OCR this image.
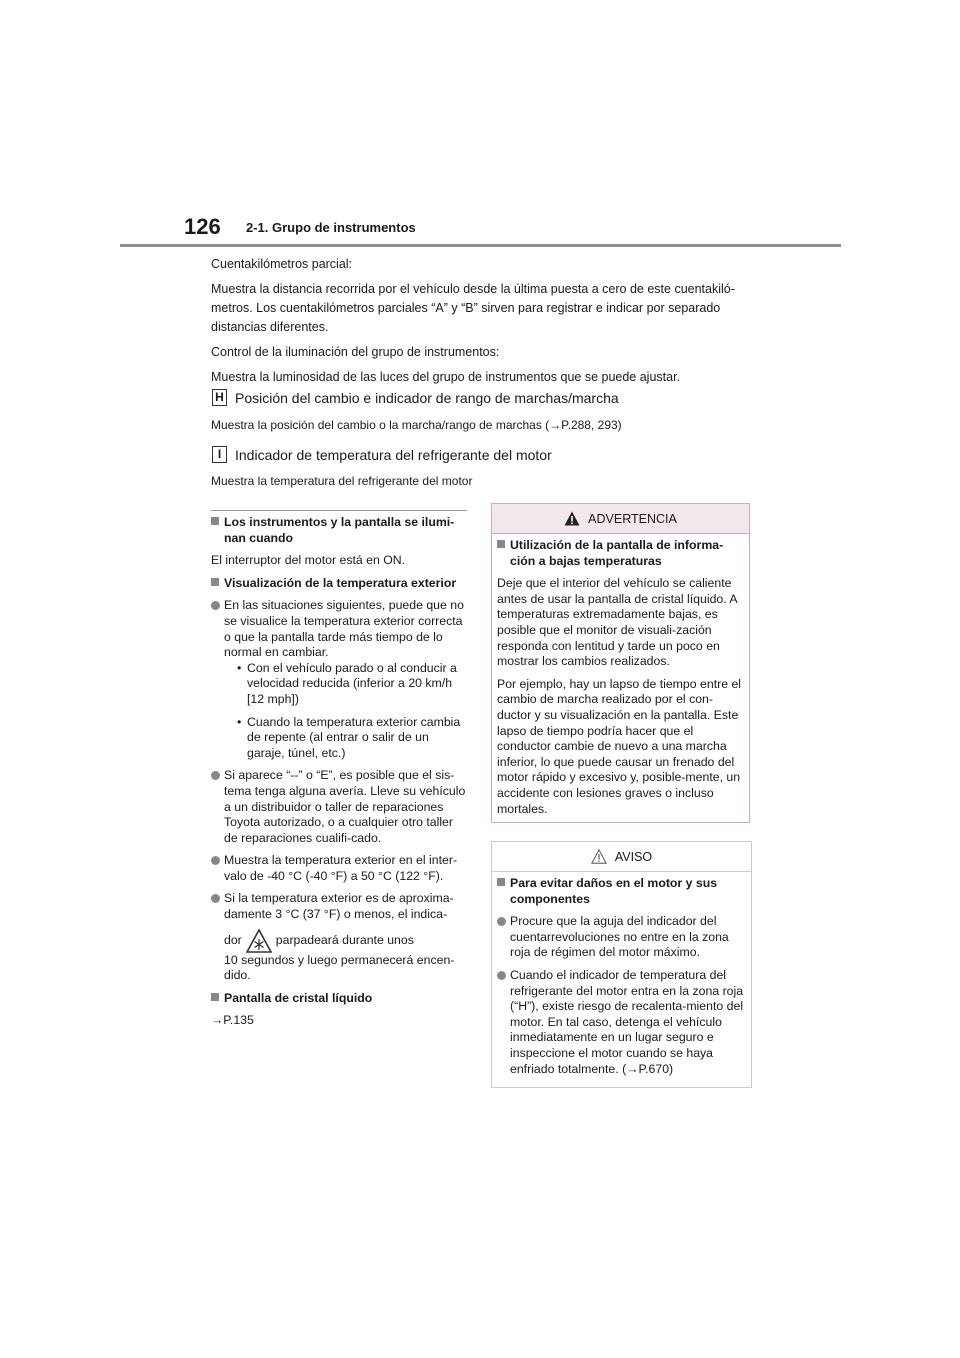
126 2-1. Grupo de instrumentos

Cuentakilómetros parcial:

Muestra la distancia recorrida por el vehículo desde la última puesta a cero de este cuentakiló-metros. Los cuentakilómetros parciales “A” y “B” sirven para registrar e indicar por separado distancias diferentes.

Control de la iluminación del grupo de instrumentos:

Muestra la luminosidad de las luces del grupo de instrumentos que se puede ajustar.

H Posición del cambio e indicador de rango de marchas/marcha
Muestra la posición del cambio o la marcha/rango de marchas (→P.288, 293)
I Indicador de temperatura del refrigerante del motor
Muestra la temperatura del refrigerante del motor

Los instrumentos y la pantalla se ilumi-nan cuando

El interruptor del motor está en ON.

Visualización de la temperatura exterior

En las situaciones siguientes, puede que no se visualice la temperatura exterior correcta o que la pantalla tarde más tiempo de lo normal en cambiar.

• Con el vehículo parado o al conducir a velocidad reducida (inferior a 20 km/h [12 mph])

• Cuando la temperatura exterior cambia de repente (al entrar o salir de un garaje, túnel, etc.)

Si aparece “--” o “E”, es posible que el sis-tema tenga alguna avería. Lleve su vehículo a un distribuidor o taller de reparaciones Toyota autorizado, o a cualquier otro taller de reparaciones cualifi-cado.
Muestra la temperatura exterior en el inter-valo de -40 °C (-40 °F) a 50 °C (122 °F).
Si la temperatura exterior es de aproxima-damente 3 °C (37 °F) o menos, el indica-
dor	parpadeará durante unos
10 segundos y luego permanecerá encen-dido.

Pantalla de cristal líquido

→P.135

ADVERTENCIA

Utilización de la pantalla de informa-ción a bajas temperaturas

Deje que el interior del vehículo se caliente antes de usar la pantalla de cristal líquido. A temperaturas extremadamente bajas, es posible que el monitor de visuali-zación responda con lentitud y tarde un poco en mostrar los cambios realizados.

Por ejemplo, hay un lapso de tiempo entre el cambio de marcha realizado por el con-ductor y su visualización en la pantalla. Este lapso de tiempo podría hacer que el conductor cambie de nuevo a una marcha inferior, lo que puede causar un frenado del motor rápido y excesivo y, posible-mente, un accidente con lesiones graves o incluso mortales.

AVISO

Para evitar daños en el motor y sus componentes

Procure que la aguja del indicador del cuentarrevoluciones no entre en la zona roja de régimen del motor máximo.
Cuando el indicador de temperatura del refrigerante del motor entra en la zona roja (“H”), existe riesgo de recalenta-miento del motor. En tal caso, detenga el vehículo inmediatamente en un lugar seguro e inspeccione el motor cuando se haya enfriado totalmente. (→P.670)
